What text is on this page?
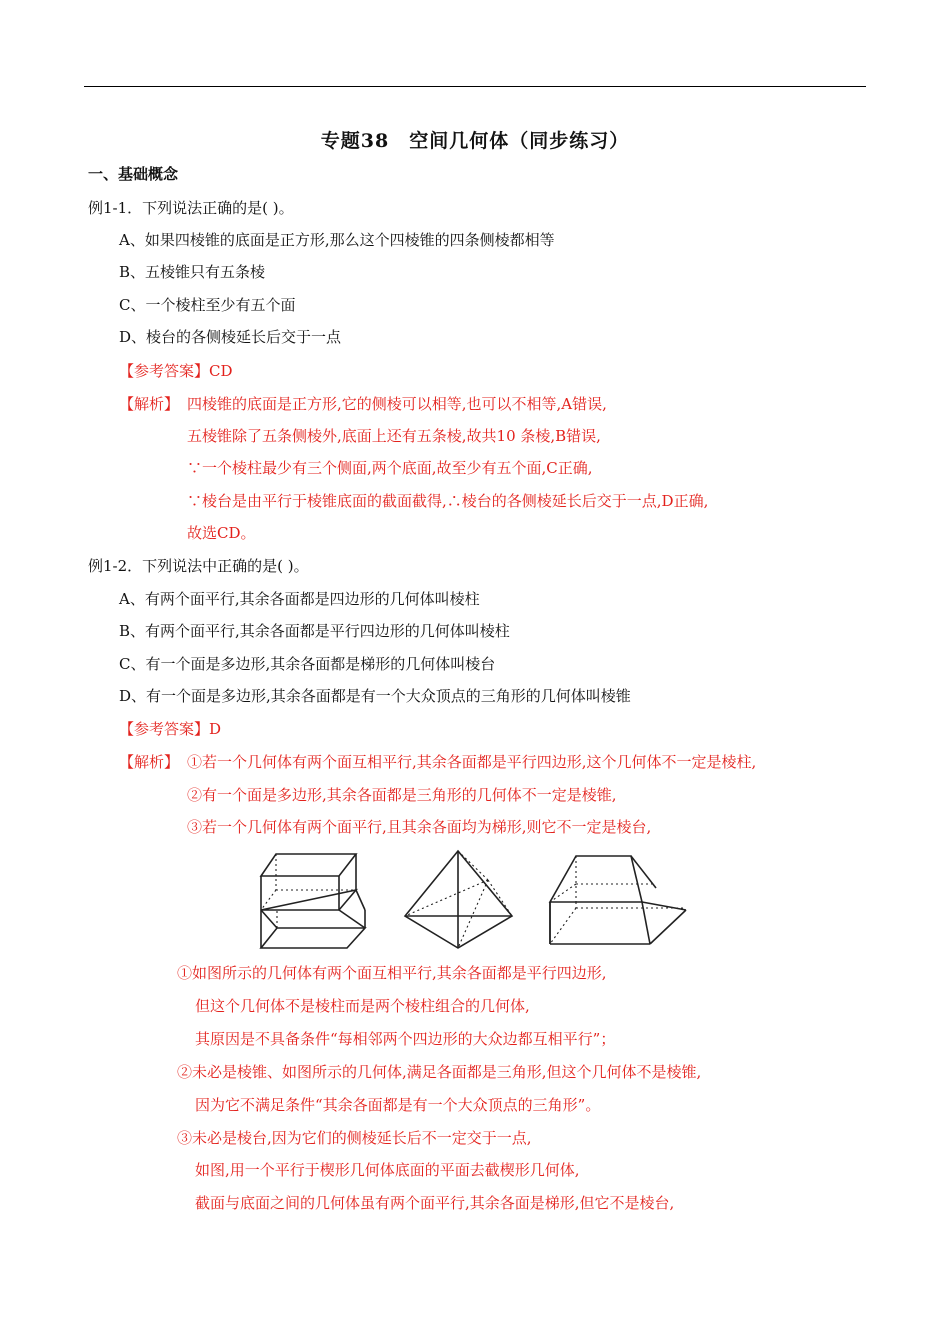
专题38　空间几何体（同步练习）
一、基础概念
例1-1．下列说法正确的是( )。
A、如果四棱锥的底面是正方形,那么这个四棱锥的四条侧棱都相等
B、五棱锥只有五条棱
C、一个棱柱至少有五个面
D、棱台的各侧棱延长后交于一点
【参考答案】CD
【解析】 四棱锥的底面是正方形,它的侧棱可以相等,也可以不相等,A错误,
五棱锥除了五条侧棱外,底面上还有五条棱,故共10 条棱,B错误,
∵一个棱柱最少有三个侧面,两个底面,故至少有五个面,C正确,
∵棱台是由平行于棱锥底面的截面截得,∴棱台的各侧棱延长后交于一点,D正确,
故选CD。
例1-2．下列说法中正确的是( )。
A、有两个面平行,其余各面都是四边形的几何体叫棱柱
B、有两个面平行,其余各面都是平行四边形的几何体叫棱柱
C、有一个面是多边形,其余各面都是梯形的几何体叫棱台
D、有一个面是多边形,其余各面都是有一个大众顶点的三角形的几何体叫棱锥
【参考答案】D
【解析】 ①若一个几何体有两个面互相平行,其余各面都是平行四边形,这个几何体不一定是棱柱,
②有一个面是多边形,其余各面都是三角形的几何体不一定是棱锥,
③若一个几何体有两个面平行,且其余各面均为梯形,则它不一定是棱台,
①如图所示的几何体有两个面互相平行,其余各面都是平行四边形,
但这个几何体不是棱柱而是两个棱柱组合的几何体,
其原因是不具备条件“每相邻两个四边形的大众边都互相平行”；
②未必是棱锥、如图所示的几何体,满足各面都是三角形,但这个几何体不是棱锥,
因为它不满足条件“其余各面都是有一个大众顶点的三角形”。
③未必是棱台,因为它们的侧棱延长后不一定交于一点,
如图,用一个平行于楔形几何体底面的平面去截楔形几何体,
截面与底面之间的几何体虽有两个面平行,其余各面是梯形,但它不是棱台,
